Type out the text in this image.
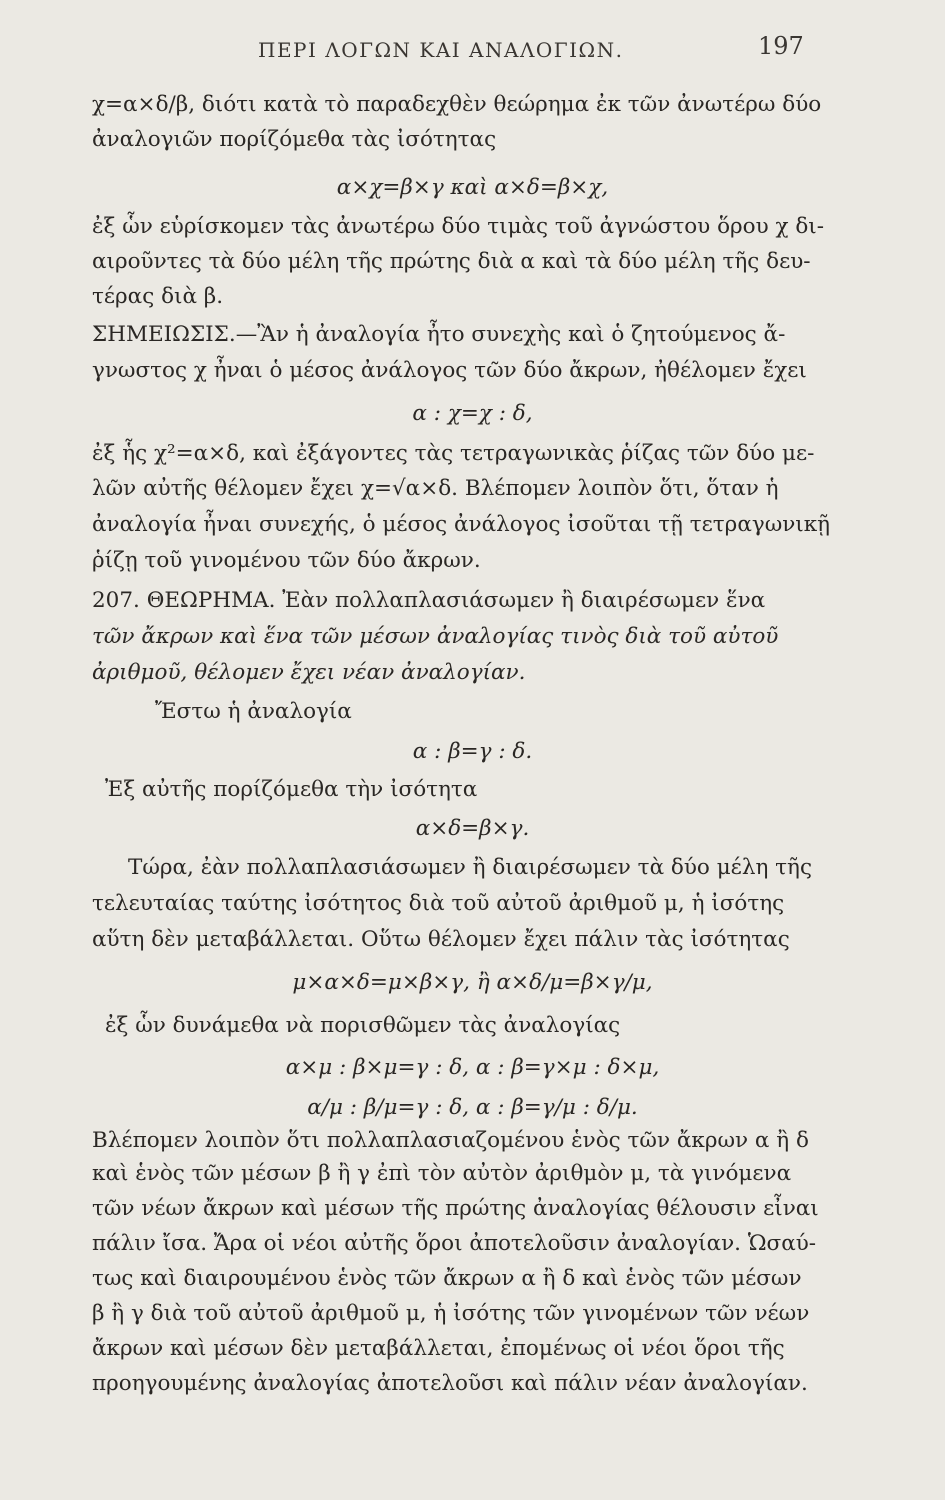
ΠΕΡΙ ΛΟΓΩΝ ΚΑΙ ΑΝΑΛΟΓΙΩΝ.	197
χ=α×δ/β, διότι κατὰ τὸ παραδεχθὲν θεώρημα ἐκ τῶν ἀνωτέρω δύο
ἀναλογιῶν πορίζόμεθα τὰς ἰσότητας
α×χ=β×γ καὶ α×δ=β×χ,
ἐξ ὧν εὑρίσκομεν τὰς ἀνωτέρω δύο τιμὰς τοῦ ἀγνώστου ὅρου χ δι-
αιροῦντες τὰ δύο μέλη τῆς πρώτης διὰ α καὶ τὰ δύο μέλη τῆς δευ-
τέρας διὰ β.
ΣΗΜΕΙΩΣΙΣ.—Ἂν ἡ ἀναλογία ἦτο συνεχὴς καὶ ὁ ζητούμενος ἄ-
γνωστος χ ἦναι ὁ μέσος ἀνάλογος τῶν δύο ἄκρων, ἠθέλομεν ἔχει
α : χ=χ : δ,
ἐξ ἧς χ²=α×δ, καὶ ἐξάγοντες τὰς τετραγωνικὰς ῥίζας τῶν δύο με-
λῶν αὐτῆς θέλομεν ἔχει χ=√α×δ. Βλέπομεν λοιπὸν ὅτι, ὅταν ἡ
ἀναλογία ἦναι συνεχής, ὁ μέσος ἀνάλογος ἰσοῦται τῇ τετραγωνικῇ
ῥίζῃ τοῦ γινομένου τῶν δύο ἄκρων.
207. ΘΕΩΡΗΜΑ. Ἐὰν πολλαπλασιάσωμεν ἢ διαιρέσωμεν ἕνα
τῶν ἄκρων καὶ ἕνα τῶν μέσων ἀναλογίας τινὸς διὰ τοῦ αὐτοῦ
ἀριθμοῦ, θέλομεν ἔχει νέαν ἀναλογίαν.
Ἔστω ἡ ἀναλογία
α : β=γ : δ.
Ἐξ αὐτῆς πορίζόμεθα τὴν ἰσότητα
α×δ=β×γ.
Τώρα, ἐὰν πολλαπλασιάσωμεν ἢ διαιρέσωμεν τὰ δύο μέλη τῆς
τελευταίας ταύτης ἰσότητος διὰ τοῦ αὐτοῦ ἀριθμοῦ μ, ἡ ἰσότης
αὕτη δὲν μεταβάλλεται. Οὕτω θέλομεν ἔχει πάλιν τὰς ἰσότητας
μ×α×δ=μ×β×γ, ἢ α×δ/μ=β×γ/μ,
ἐξ ὧν δυνάμεθα νὰ πορισθῶμεν τὰς ἀναλογίας
α×μ : β×μ=γ : δ, α : β=γ×μ : δ×μ,
α/μ : β/μ=γ : δ, α : β=γ/μ : δ/μ.
Βλέπομεν λοιπὸν ὅτι πολλαπλασιαζομένου ἑνὸς τῶν ἄκρων α ἢ δ
καὶ ἑνὸς τῶν μέσων β ἢ γ ἐπὶ τὸν αὐτὸν ἀριθμὸν μ, τὰ γινόμενα
τῶν νέων ἄκρων καὶ μέσων τῆς πρώτης ἀναλογίας θέλουσιν εἶναι
πάλιν ἴσα. Ἄρα οἱ νέοι αὐτῆς ὅροι ἀποτελοῦσιν ἀναλογίαν. Ὡσαύ-
τως καὶ διαιρουμένου ἑνὸς τῶν ἄκρων α ἢ δ καὶ ἑνὸς τῶν μέσων
β ἢ γ διὰ τοῦ αὐτοῦ ἀριθμοῦ μ, ἡ ἰσότης τῶν γινομένων τῶν νέων
ἄκρων καὶ μέσων δὲν μεταβάλλεται, ἐπομένως οἱ νέοι ὅροι τῆς
προηγουμένης ἀναλογίας ἀποτελοῦσι καὶ πάλιν νέαν ἀναλογίαν.
